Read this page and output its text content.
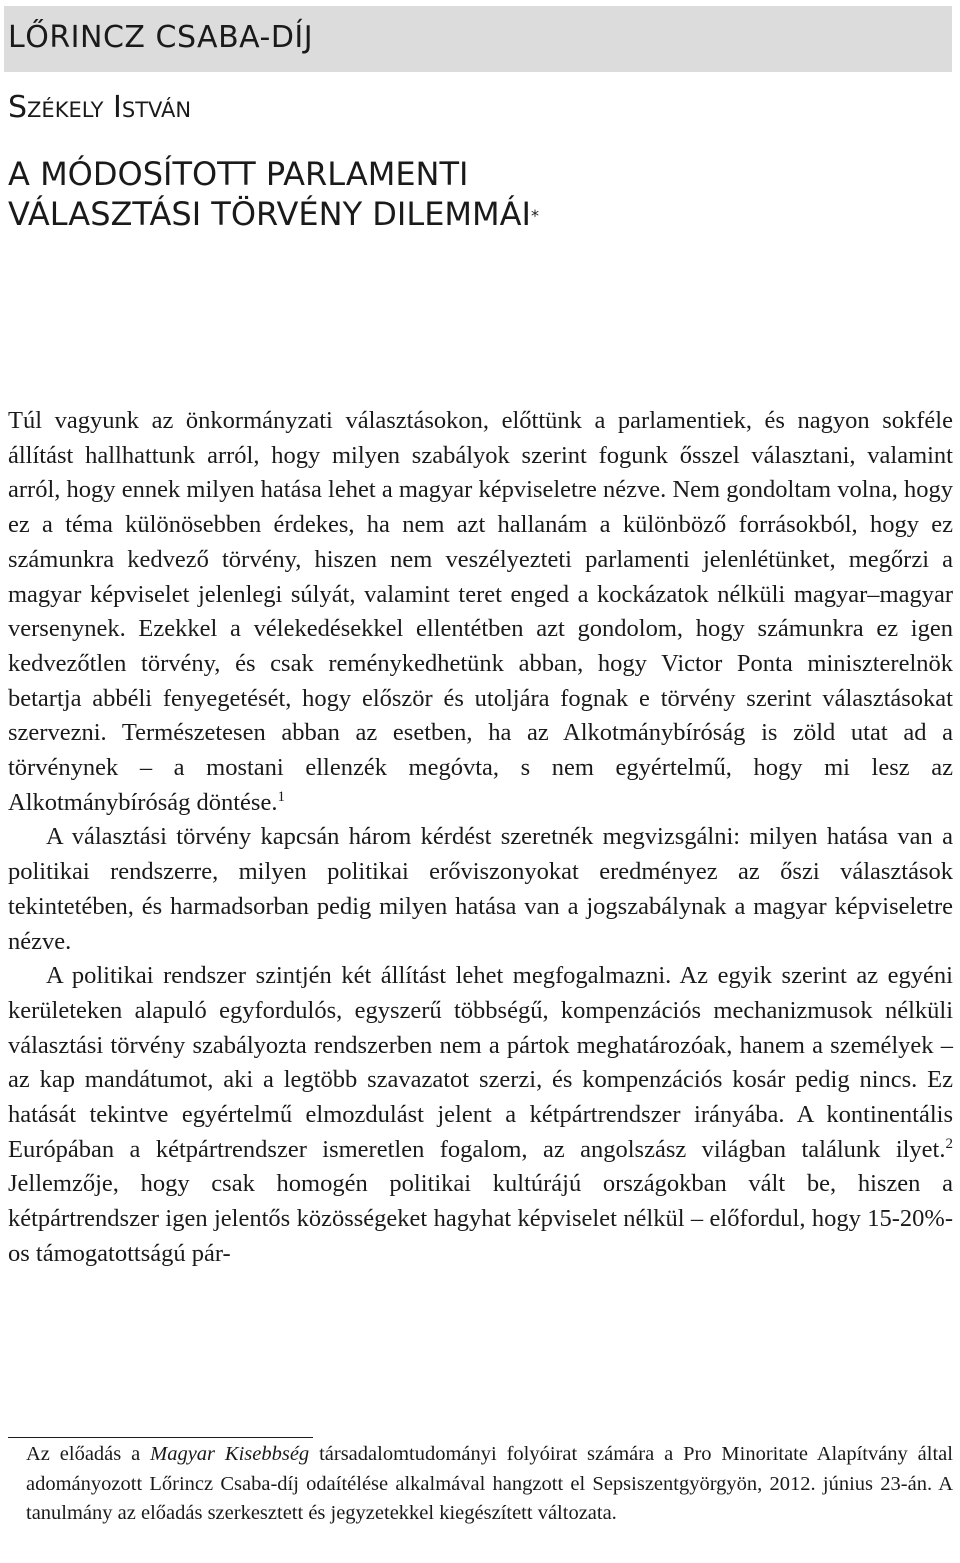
LŐRINCZ CSABA-DÍJ
Székely István
A MÓDOSÍTOTT PARLAMENTI
VÁLASZTÁSI TÖRVÉNY DILEMMÁI*

Túl vagyunk az önkormányzati választásokon, előttünk a parlamentiek, és nagyon sokféle állítást hallhattunk arról, hogy milyen szabályok szerint fogunk ősszel választani, valamint arról, hogy ennek milyen hatása lehet a magyar képviseletre nézve. Nem gondoltam volna, hogy ez a téma különösebben érdekes, ha nem azt hallanám a különböző forrásokból, hogy ez számunkra kedvező törvény, hiszen nem veszélyezteti parlamenti jelenlétünket, megőrzi a magyar képviselet jelenlegi súlyát, valamint teret enged a kockázatok nélküli magyar–magyar versenynek. Ezekkel a vélekedésekkel ellentétben azt gondolom, hogy számunkra ez igen kedvezőtlen törvény, és csak reménykedhetünk abban, hogy Victor Ponta miniszterelnök betartja abbéli fenyegetését, hogy először és utoljára fognak e törvény szerint választásokat szervezni. Természetesen abban az esetben, ha az Alkotmánybíróság is zöld utat ad a törvénynek – a mostani ellenzék megóvta, s nem egyértelmű, hogy mi lesz az Alkotmánybíróság döntése.$^1$

A választási törvény kapcsán három kérdést szeretnék megvizsgálni: milyen hatása van a politikai rendszerre, milyen politikai erőviszonyokat eredményez az őszi választások tekintetében, és harmadsorban pedig milyen hatása van a jogszabálynak a magyar képviseletre nézve.

A politikai rendszer szintjén két állítást lehet megfogalmazni. Az egyik szerint az egyéni kerületeken alapuló egyfordulós, egyszerű többségű, kompenzációs mechanizmusok nélküli választási törvény szabályozta rendszerben nem a pártok meghatározóak, hanem a személyek – az kap mandátumot, aki a legtöbb szavazatot szerzi, és kompenzációs kosár pedig nincs. Ez hatását tekintve egyértelmű elmozdulást jelent a kétpártrendszer irányába. A kontinentális Európában a kétpártrendszer ismeretlen fogalom, az angolszász világban találunk ilyet.$^2$ Jellemzője, hogy csak homogén politikai kultúrájú országokban vált be, hiszen a kétpártrendszer igen jelentős közösségeket hagyhat képviselet nélkül – előfordul, hogy 15-20%-os támogatottságú pár-

Az előadás a Magyar Kisebbség társadalomtudományi folyóirat számára a Pro Minoritate Alapítvány által adományozott Lőrincz Csaba-díj odaítélése alkalmával hangzott el Sepsiszentgyörgyön, 2012. június 23-án. A tanulmány az előadás szerkesztett és jegyzetekkel kiegészített változata.
